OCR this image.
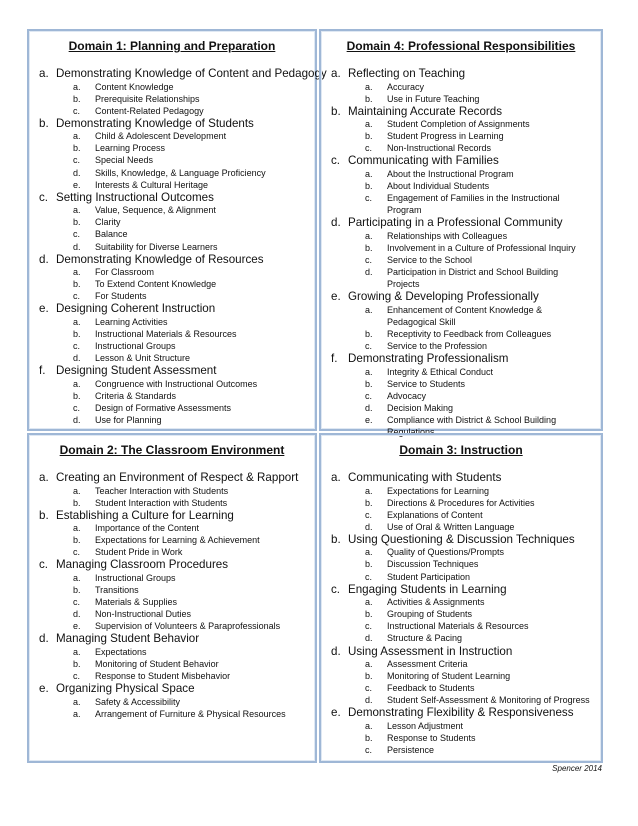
Domain 1: Planning and Preparation
a. Demonstrating Knowledge of Content and Pedagogy
a.	Content Knowledge
b.	Prerequisite Relationships
c.	Content-Related Pedagogy
b. Demonstrating Knowledge of Students
a.	Child & Adolescent Development
b.	Learning Process
c.	Special Needs
d.	Skills, Knowledge, & Language Proficiency
e.	Interests & Cultural Heritage
c. Setting Instructional Outcomes
a.	Value, Sequence, & Alignment
b.	Clarity
c.	Balance
d.	Suitability for Diverse Learners
d. Demonstrating Knowledge of Resources
a.	For Classroom
b.	To Extend Content Knowledge
c.	For Students
e. Designing Coherent Instruction
a.	Learning Activities
b.	Instructional Materials & Resources
c.	Instructional Groups
d.	Lesson & Unit Structure
f. Designing Student Assessment
a.	Congruence with Instructional Outcomes
b.	Criteria & Standards
c.	Design of Formative Assessments
d.	Use for Planning
Domain 4: Professional Responsibilities
a. Reflecting on Teaching
a.	Accuracy
b.	Use in Future Teaching
b. Maintaining Accurate Records
a.	Student Completion of Assignments
b.	Student Progress in Learning
c.	Non-Instructional Records
c. Communicating with Families
a.	About the Instructional Program
b.	About Individual Students
c.	Engagement of Families in the Instructional Program
d. Participating in a Professional Community
a.	Relationships with Colleagues
b.	Involvement in a Culture of Professional Inquiry
c.	Service to the School
d.	Participation in District and School Building Projects
e. Growing & Developing Professionally
a.	Enhancement of Content Knowledge & Pedagogical Skill
b.	Receptivity to Feedback from Colleagues
c.	Service to the Profession
f. Demonstrating Professionalism
a.	Integrity & Ethical Conduct
b.	Service to Students
c.	Advocacy
d.	Decision Making
e.	Compliance with District & School Building Regulations
Domain 2: The Classroom Environment
a. Creating an Environment of Respect & Rapport
a.	Teacher Interaction with Students
b.	Student Interaction with Students
b. Establishing a Culture for Learning
a.	Importance of the Content
b.	Expectations for Learning & Achievement
c.	Student Pride in Work
c. Managing Classroom Procedures
a.	Instructional Groups
b.	Transitions
c.	Materials & Supplies
d.	Non-Instructional Duties
e.	Supervision of Volunteers & Paraprofessionals
d. Managing Student Behavior
a.	Expectations
b.	Monitoring of Student Behavior
c.	Response to Student Misbehavior
e. Organizing Physical Space
a.	Safety & Accessibility
a.	Arrangement of Furniture & Physical Resources
Domain 3: Instruction
a. Communicating with Students
a.	Expectations for Learning
b.	Directions & Procedures for Activities
c.	Explanations of Content
d.	Use of Oral & Written Language
b. Using Questioning & Discussion Techniques
a.	Quality of Questions/Prompts
b.	Discussion Techniques
c.	Student Participation
c. Engaging Students in Learning
a.	Activities & Assignments
b.	Grouping of Students
c.	Instructional Materials & Resources
d.	Structure & Pacing
d. Using Assessment in Instruction
a.	Assessment Criteria
b.	Monitoring of Student Learning
c.	Feedback to Students
d.	Student Self-Assessment & Monitoring of Progress
e. Demonstrating Flexibility & Responsiveness
a.	Lesson Adjustment
b.	Response to Students
c.	Persistence
Spencer 2014
